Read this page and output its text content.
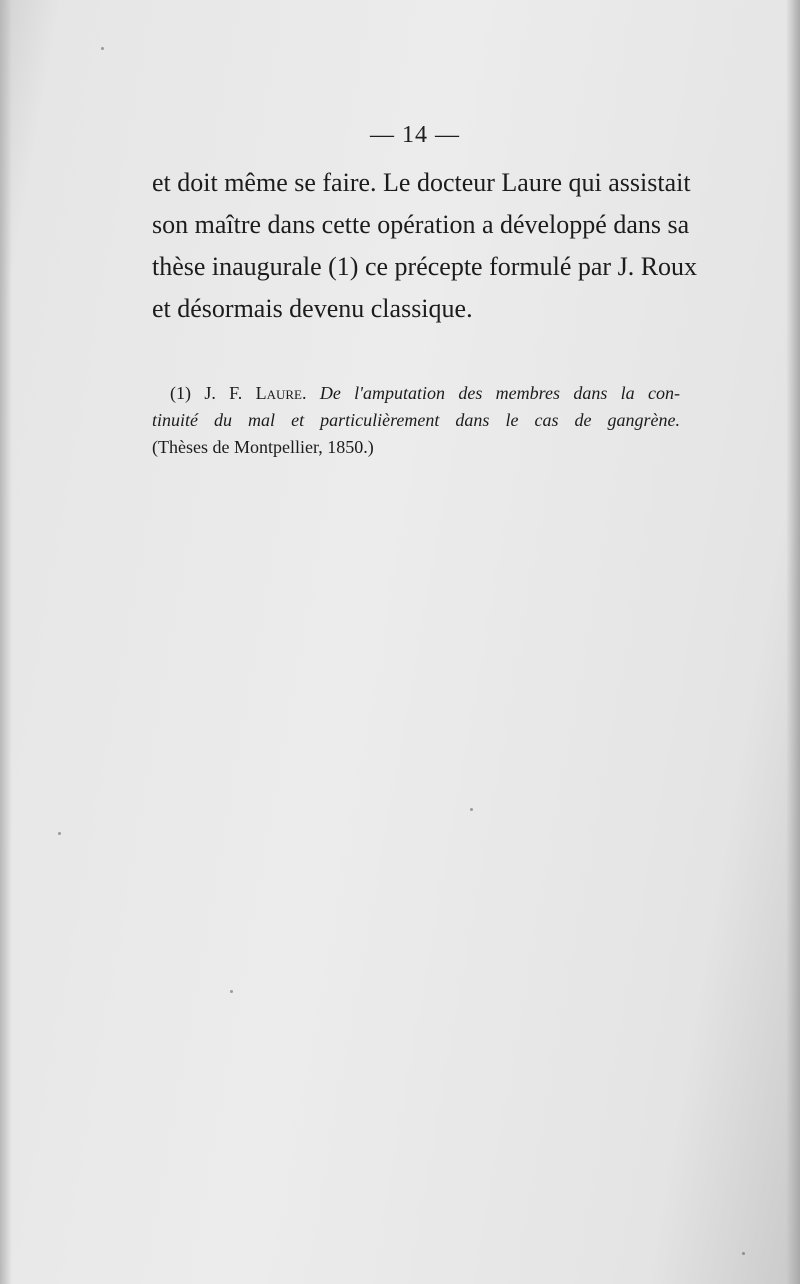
— 14 —
et doit même se faire. Le docteur Laure qui assistait
son maître dans cette opération a développé dans sa
thèse inaugurale (1) ce précepte formulé par J. Roux
et désormais devenu classique.
(1) J. F. Laure. De l'amputation des membres dans la con-
tinuité du mal et particulièrement dans le cas de gangrène.
(Thèses de Montpellier, 1850.)
